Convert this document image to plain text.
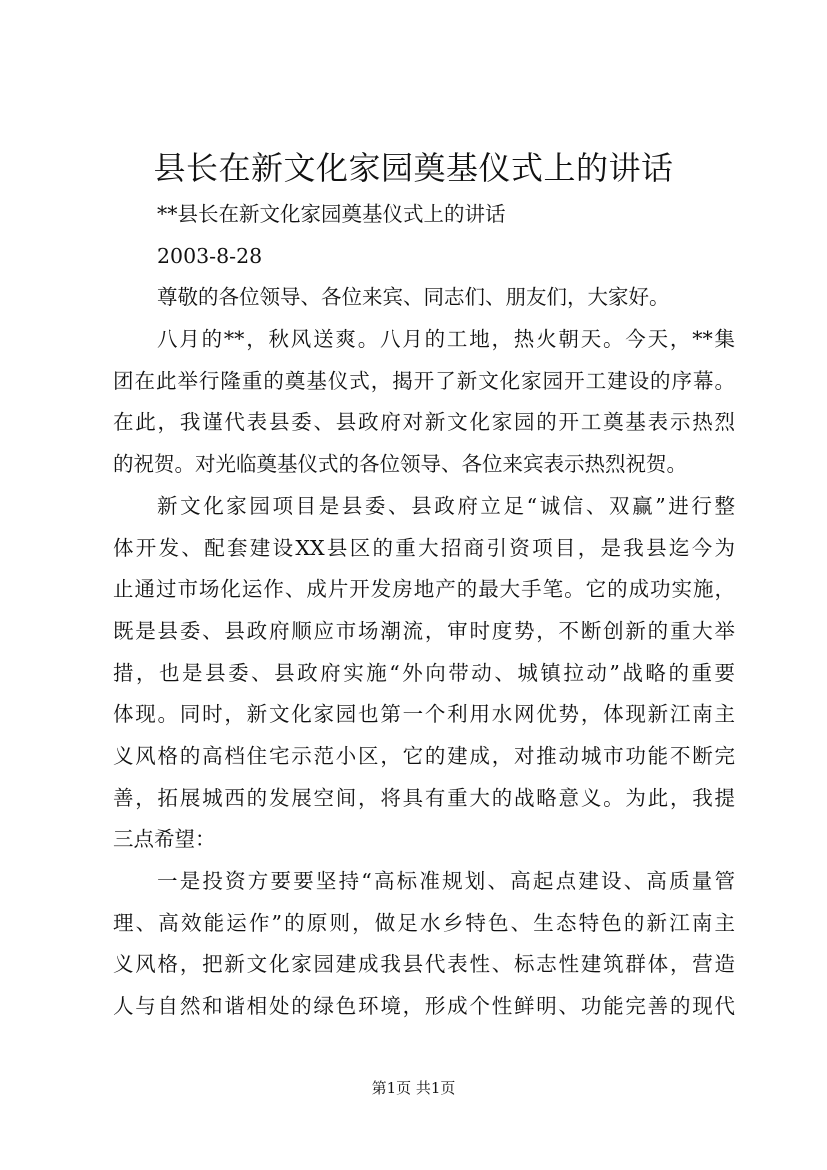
县长在新文化家园奠基仪式上的讲话
**县长在新文化家园奠基仪式上的讲话
2003-8-28
尊敬的各位领导、各位来宾、同志们、朋友们，大家好。
八月的**，秋风送爽。八月的工地，热火朝天。今天，**集
团在此举行隆重的奠基仪式，揭开了新文化家园开工建设的序幕。
在此，我谨代表县委、县政府对新文化家园的开工奠基表示热烈
的祝贺。对光临奠基仪式的各位领导、各位来宾表示热烈祝贺。
新文化家园项目是县委、县政府立足“诚信、双赢”进行整
体开发、配套建设XX县区的重大招商引资项目，是我县迄今为
止通过市场化运作、成片开发房地产的最大手笔。它的成功实施，
既是县委、县政府顺应市场潮流，审时度势，不断创新的重大举
措，也是县委、县政府实施“外向带动、城镇拉动”战略的重要
体现。同时，新文化家园也第一个利用水网优势，体现新江南主
义风格的高档住宅示范小区，它的建成，对推动城市功能不断完
善，拓展城西的发展空间，将具有重大的战略意义。为此，我提
三点希望：
一是投资方要要坚持“高标准规划、高起点建设、高质量管
理、高效能运作”的原则，做足水乡特色、生态特色的新江南主
义风格，把新文化家园建成我县代表性、标志性建筑群体，营造
人与自然和谐相处的绿色环境，形成个性鲜明、功能完善的现代
第1页 共1页
